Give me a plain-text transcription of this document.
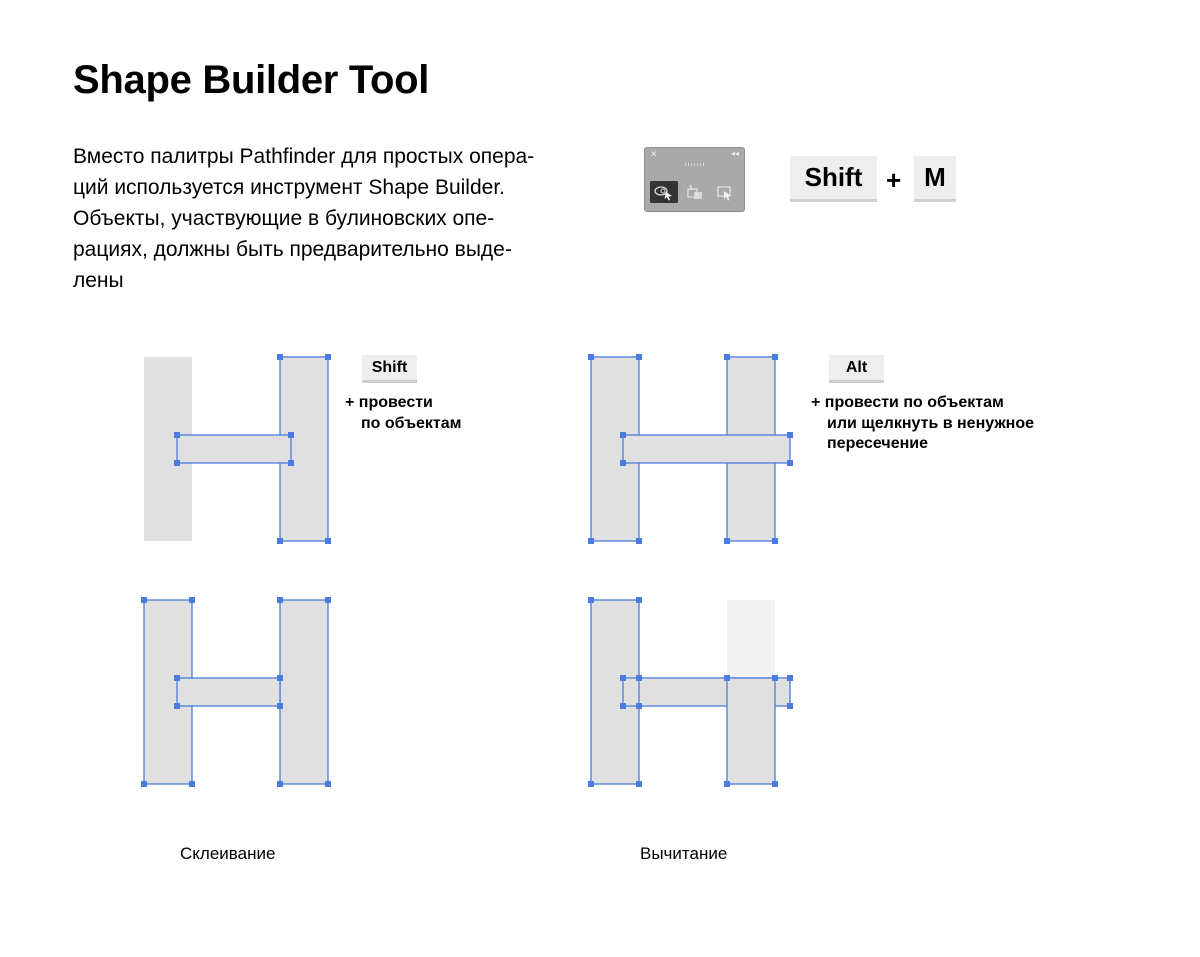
Shape Builder Tool
Вместо палитры Pathfinder для простых опера-
ций используется инструмент Shape Builder.
Объекты, участвующие в булиновских опе-
рациях, должны быть предварительно выде-
лены
✕	◂◂
Shift + M
Shift
+ провести
по объектам
Alt
+ провести по объектам
или щелкнуть в ненужное
пересечение
Склеивание	Вычитание
